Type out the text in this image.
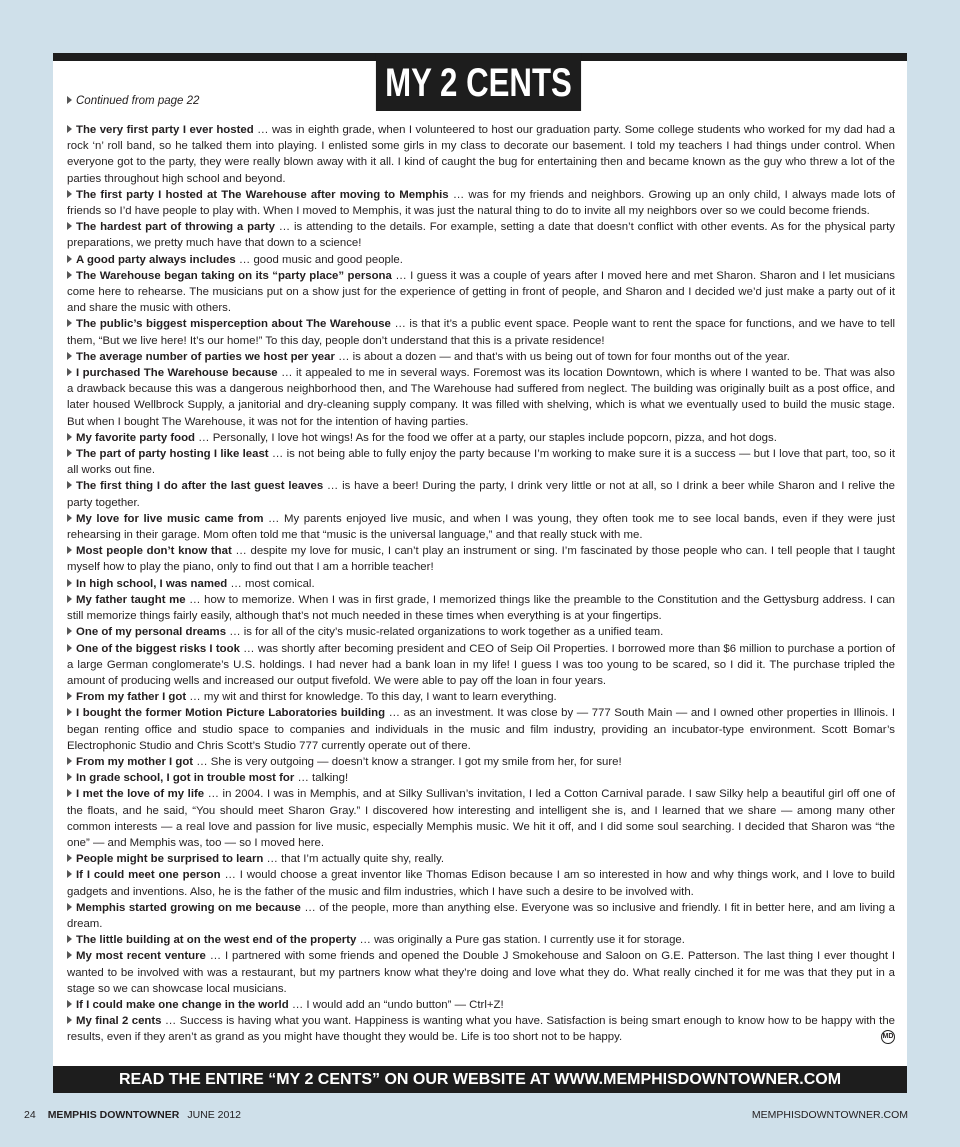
MY 2 CENTS
Continued from page 22

The very first party I ever hosted … was in eighth grade, when I volunteered to host our graduation party. Some college students who worked for my dad had a rock ‘n’ roll band, so he talked them into playing. I enlisted some girls in my class to decorate our basement. I told my teachers I had things under control. When everyone got to the party, they were really blown away with it all. I kind of caught the bug for entertaining then and became known as the guy who threw a lot of the parties throughout high school and beyond.

The first party I hosted at The Warehouse after moving to Memphis … was for my friends and neighbors. Growing up an only child, I always made lots of friends so I’d have people to play with. When I moved to Memphis, it was just the natural thing to do to invite all my neighbors over so we could become friends.

The hardest part of throwing a party … is attending to the details. For example, setting a date that doesn’t conflict with other events. As for the physical party preparations, we pretty much have that down to a science!

A good party always includes … good music and good people.

The Warehouse began taking on its “party place” persona … I guess it was a couple of years after I moved here and met Sharon. Sharon and I let musicians come here to rehearse. The musicians put on a show just for the experience of getting in front of people, and Sharon and I decided we’d just make a party out of it and share the music with others.

The public’s biggest misperception about The Warehouse … is that it’s a public event space. People want to rent the space for functions, and we have to tell them, “But we live here! It’s our home!” To this day, people don’t understand that this is a private residence!

The average number of parties we host per year … is about a dozen — and that’s with us being out of town for four months out of the year.

I purchased The Warehouse because … it appealed to me in several ways. Foremost was its location Downtown, which is where I wanted to be. That was also a drawback because this was a dangerous neighborhood then, and The Warehouse had suffered from neglect. The building was originally built as a post office, and later housed Wellbrock Supply, a janitorial and dry-cleaning supply company. It was filled with shelving, which is what we eventually used to build the music stage. But when I bought The Warehouse, it was not for the intention of having parties.

My favorite party food … Personally, I love hot wings! As for the food we offer at a party, our staples include popcorn, pizza, and hot dogs.

The part of party hosting I like least … is not being able to fully enjoy the party because I’m working to make sure it is a success — but I love that part, too, so it all works out fine.

The first thing I do after the last guest leaves … is have a beer! During the party, I drink very little or not at all, so I drink a beer while Sharon and I relive the party together.

My love for live music came from … My parents enjoyed live music, and when I was young, they often took me to see local bands, even if they were just rehearsing in their garage. Mom often told me that “music is the universal language,” and that really stuck with me.

Most people don’t know that … despite my love for music, I can’t play an instrument or sing. I’m fascinated by those people who can. I tell people that I taught myself how to play the piano, only to find out that I am a horrible teacher!

In high school, I was named … most comical.

My father taught me … how to memorize. When I was in first grade, I memorized things like the preamble to the Constitution and the Gettysburg address. I can still memorize things fairly easily, although that’s not much needed in these times when everything is at your fingertips.

One of my personal dreams … is for all of the city’s music-related organizations to work together as a unified team.

One of the biggest risks I took … was shortly after becoming president and CEO of Seip Oil Properties. I borrowed more than $6 million to purchase a portion of a large German conglomerate’s U.S. holdings. I had never had a bank loan in my life! I guess I was too young to be scared, so I did it. The purchase tripled the amount of producing wells and increased our output fivefold. We were able to pay off the loan in four years.

From my father I got … my wit and thirst for knowledge. To this day, I want to learn everything.

I bought the former Motion Picture Laboratories building … as an investment. It was close by — 777 South Main — and I owned other properties in Illinois. I began renting office and studio space to companies and individuals in the music and film industry, providing an incubator-type environment. Scott Bomar’s Electrophonic Studio and Chris Scott’s Studio 777 currently operate out of there.

From my mother I got … She is very outgoing — doesn’t know a stranger. I got my smile from her, for sure!

In grade school, I got in trouble most for … talking!

I met the love of my life … in 2004. I was in Memphis, and at Silky Sullivan’s invitation, I led a Cotton Carnival parade. I saw Silky help a beautiful girl off one of the floats, and he said, “You should meet Sharon Gray.” I discovered how interesting and intelligent she is, and I learned that we share — among many other common interests — a real love and passion for live music, especially Memphis music. We hit it off, and I did some soul searching. I decided that Sharon was “the one” — and Memphis was, too — so I moved here.

People might be surprised to learn … that I’m actually quite shy, really.

If I could meet one person … I would choose a great inventor like Thomas Edison because I am so interested in how and why things work, and I love to build gadgets and inventions. Also, he is the father of the music and film industries, which I have such a desire to be involved with.

Memphis started growing on me because … of the people, more than anything else. Everyone was so inclusive and friendly. I fit in better here, and am living a dream.

The little building at on the west end of the property … was originally a Pure gas station. I currently use it for storage.

My most recent venture … I partnered with some friends and opened the Double J Smokehouse and Saloon on G.E. Patterson. The last thing I ever thought I wanted to be involved with was a restaurant, but my partners know what they’re doing and love what they do. What really cinched it for me was that they put in a stage so we can showcase local musicians.

If I could make one change in the world … I would add an “undo button” — Ctrl+Z!

My final 2 cents … Success is having what you want. Happiness is wanting what you have. Satisfaction is being smart enough to know how to be happy with the results, even if they aren’t as grand as you might have thought they would be. Life is too short not to be happy.	MD

READ THE ENTIRE “MY 2 CENTS” ON OUR WEBSITE AT WWW.MEMPHISDOWNTOWNER.COM
24 MEMPHIS DOWNTOWNER JUNE 2012	MEMPHISDOWNTOWNER.COM
